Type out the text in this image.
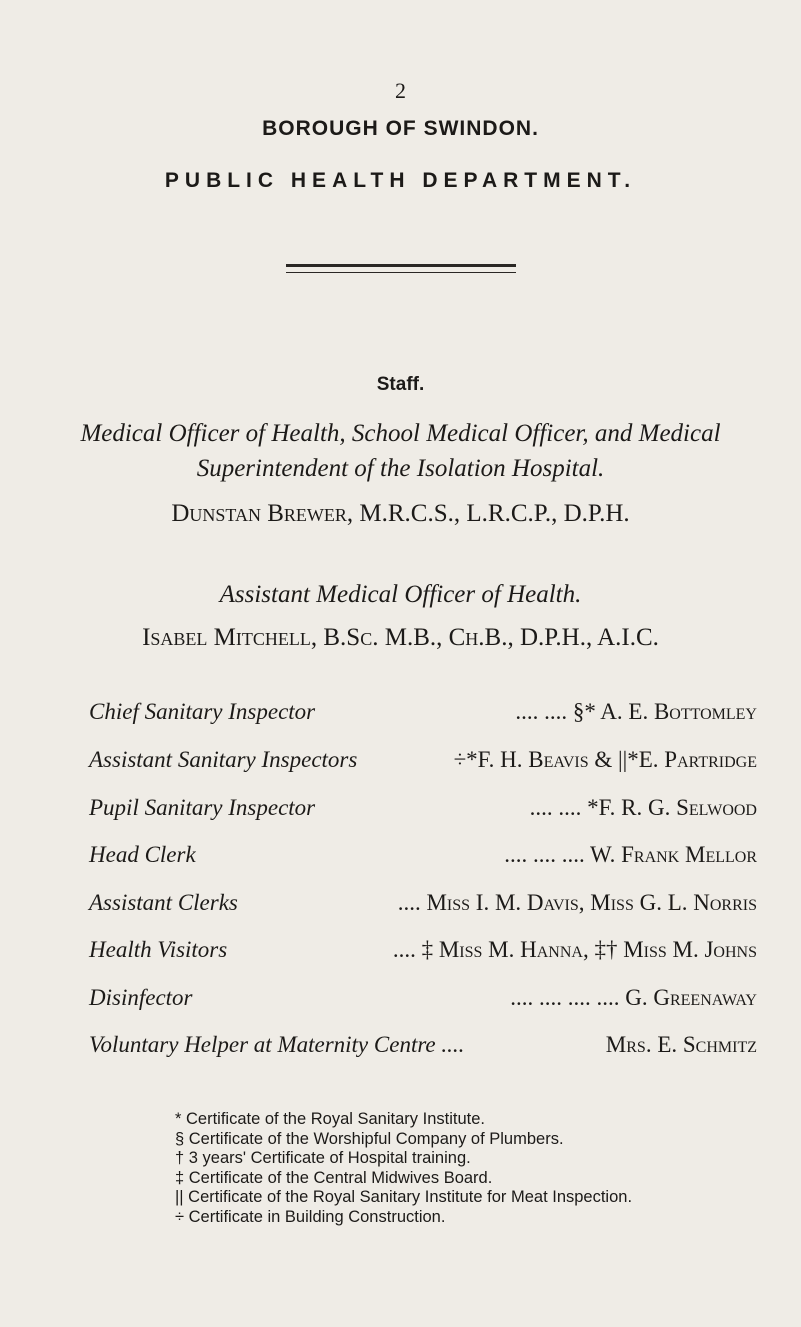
2
BOROUGH OF SWINDON.
PUBLIC HEALTH DEPARTMENT.
Staff.
Medical Officer of Health, School Medical Officer, and Medical
Superintendent of the Isolation Hospital.
Dunstan Brewer, M.R.C.S., L.R.C.P., D.P.H.
Assistant Medical Officer of Health.
Isabel Mitchell, B.Sc. M.B., Ch.B., D.P.H., A.I.C.
Chief Sanitary Inspector	.... .... §* A. E. Bottomley
Assistant Sanitary Inspectors	÷*F. H. Beavis & ||*E. Partridge
Pupil Sanitary Inspector	.... .... *F. R. G. Selwood
Head Clerk	.... .... .... W. Frank Mellor
Assistant Clerks	.... Miss I. M. Davis, Miss G. L. Norris
Health Visitors	.... ‡ Miss M. Hanna, ‡† Miss M. Johns
Disinfector	.... .... .... .... G. Greenaway
Voluntary Helper at Maternity Centre ....	Mrs. E. Schmitz
* Certificate of the Royal Sanitary Institute.
§ Certificate of the Worshipful Company of Plumbers.
† 3 years' Certificate of Hospital training.
‡ Certificate of the Central Midwives Board.
|| Certificate of the Royal Sanitary Institute for Meat Inspection.
÷ Certificate in Building Construction.
